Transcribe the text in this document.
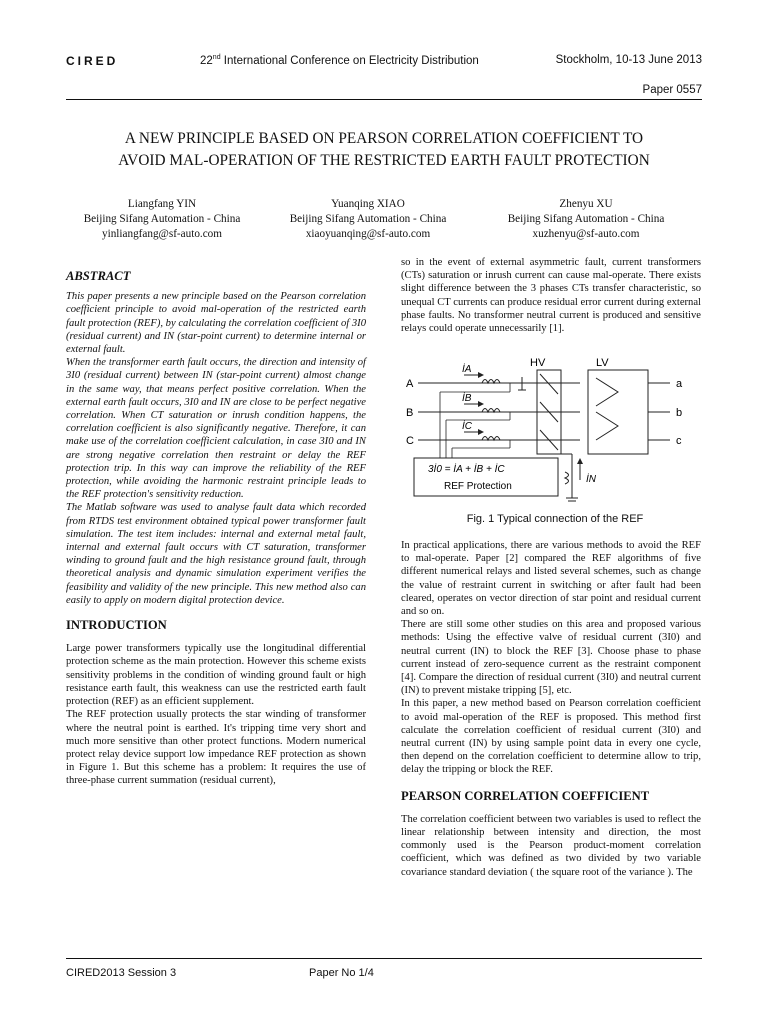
CIRED	22nd International Conference on Electricity Distribution	Stockholm, 10-13 June 2013
Paper 0557
A NEW PRINCIPLE BASED ON PEARSON CORRELATION COEFFICIENT TO
AVOID MAL-OPERATION OF THE RESTRICTED EARTH FAULT PROTECTION
Liangfang YIN
Beijing Sifang Automation - China
yinliangfang@sf-auto.com
Yuanqing XIAO
Beijing Sifang Automation - China
xiaoyuanqing@sf-auto.com
Zhenyu XU
Beijing Sifang Automation - China
xuzhenyu@sf-auto.com
ABSTRACT

This paper presents a new principle based on the Pearson correlation coefficient principle to avoid mal-operation of the restricted earth fault protection (REF), by calculating the correlation coefficient of 3I0 (residual current) and IN (star-point current) to determine internal or external fault.

When the transformer earth fault occurs, the direction and intensity of 3I0 (residual current) between IN (star-point current) almost change in the same way, that means perfect positive correlation. When the external earth fault occurs, 3I0 and IN are close to be perfect negative correlation. When CT saturation or inrush condition happens, the correlation coefficient is also significantly negative. Therefore, it can make use of the correlation coefficient calculation, in case 3I0 and IN are strong negative correlation then restraint or delay the REF protection trip. In this way can improve the reliability of the REF protection, while avoiding the harmonic restraint principle leads to the REF protection's sensitivity reduction.

The Matlab software was used to analyse fault data which recorded from RTDS test environment obtained typical power transformer fault simulation. The test item includes: internal and external metal fault, internal and external fault occurs with CT saturation, transformer winding to ground fault and the high resistance ground fault, through theoretical analysis and dynamic simulation experiment verifies the feasibility and validity of the new principle. This new method also can easily to apply on modern digital protection device.

INTRODUCTION

Large power transformers typically use the longitudinal differential protection scheme as the main protection. However this scheme exists sensitivity problems in the condition of winding ground fault or high resistance earth fault, this weakness can use the restricted earth fault protection (REF) as an efficient supplement.

The REF protection usually protects the star winding of transformer where the neutral point is earthed. It's tripping time very short and much more sensitive than other protect functions. Modern numerical protect relay device support low impedance REF protection as shown in Figure 1. But this scheme has a problem: It requires the use of three-phase current summation (residual current),

so in the event of external asymmetric fault, current transformers (CTs) saturation or inrush current can cause mal-operate. There exists slight difference between the 3 phases CTs transfer characteristic, so unequal CT currents can produce residual error current during external phase faults. No transformer neutral current is produced and sensitive relays could operate unnecessarily [1].

A
B
C
İA
İB
İC
HV
İN
LV
a
b
c
3İ0 = İA + İB + İC
REF Protection
Fig. 1 Typical connection of the REF

In practical applications, there are various methods to avoid the REF to mal-operate. Paper [2] compared the REF algorithms of five different numerical relays and listed several schemes, such as change the value of restraint current in switching or after fault had been cleared, operates on vector direction of star point and residual current and so on.

There are still some other studies on this area and proposed various methods: Using the effective valve of residual current (3I0) and neutral current (IN) to block the REF [3]. Choose phase to phase current instead of zero-sequence current as the restraint component [4]. Compare the direction of residual current (3I0) and neutral current (IN) to prevent mistake tripping [5], etc.

In this paper, a new method based on Pearson correlation coefficient to avoid mal-operation of the REF is proposed. This method first calculate the correlation coefficient of residual current (3I0) and neutral current (IN) by using sample point data in every one cycle, then depend on the correlation coefficient to determine allow to trip, delay the tripping or block the REF.

PEARSON CORRELATION COEFFICIENT

The correlation coefficient between two variables is used to reflect the linear relationship between intensity and direction, the most commonly used is the Pearson product-moment correlation coefficient, which was defined as two divided by two variable covariance standard deviation ( the square root of the variance ). The

CIRED2013 Session 3	Paper No 1/4
